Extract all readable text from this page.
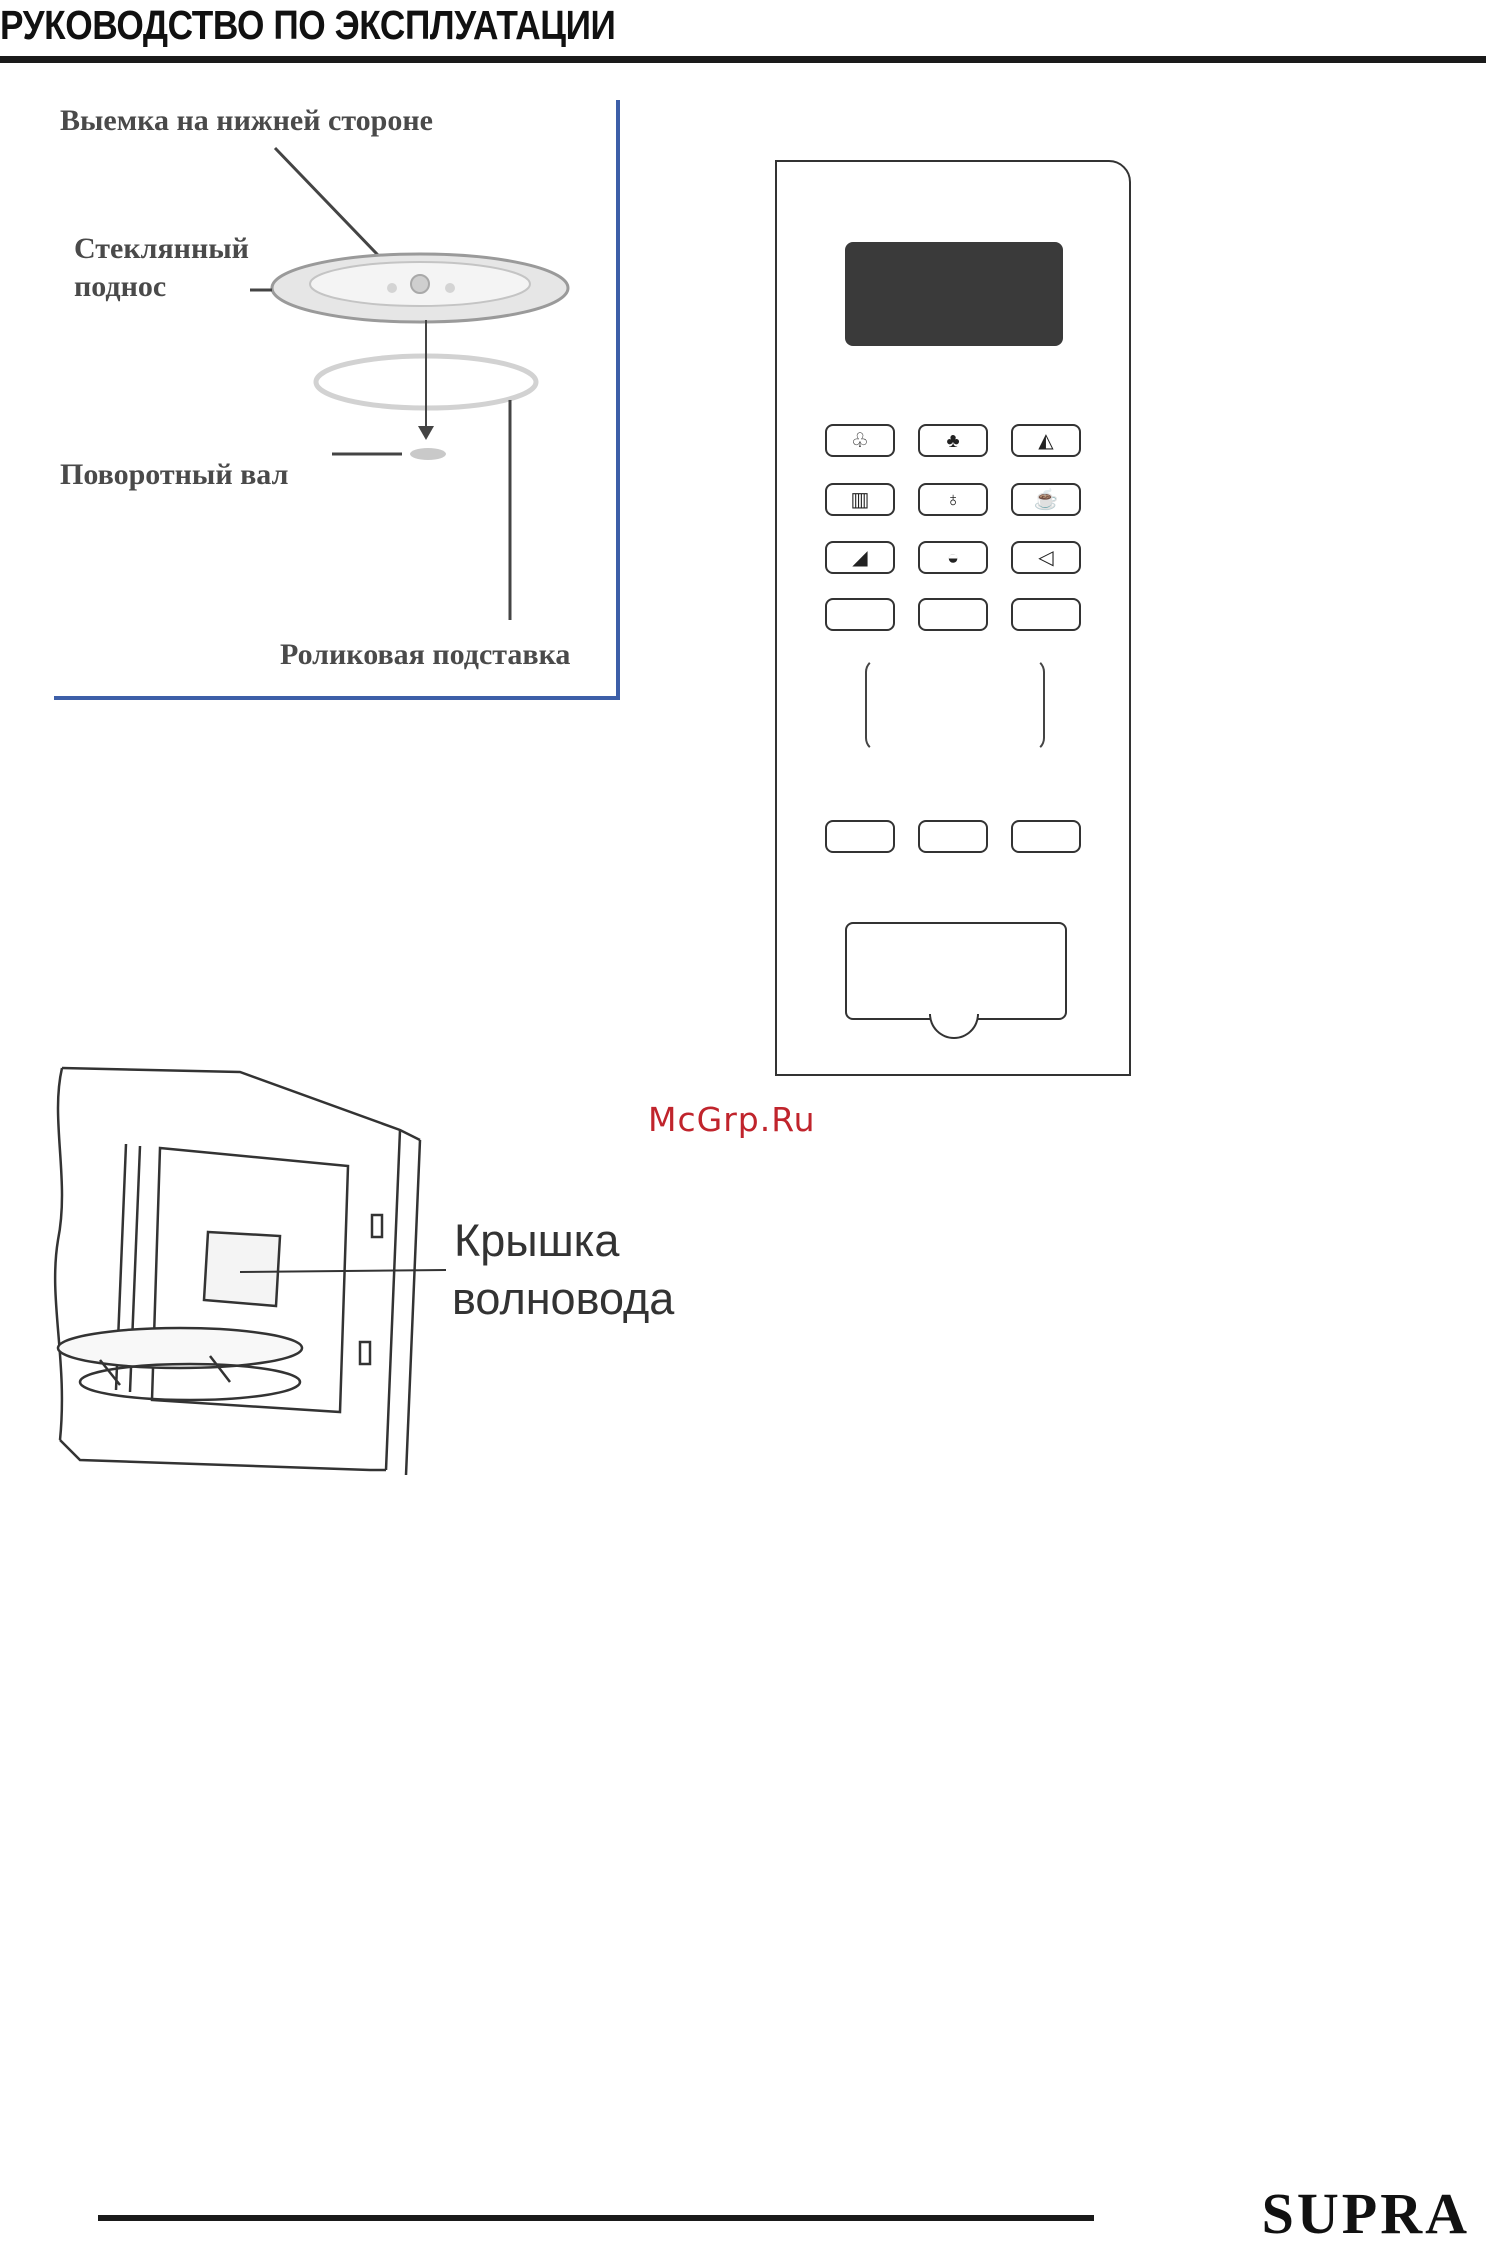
РУКОВОДСТВО ПО ЭКСПЛУАТАЦИИ
Выемка на нижней стороне
Стеклянный
поднос
Поворотный вал
Роликовая подставка
♧	♣	◭
▥	♁	☕
◢	◒	◁
McGrp.Ru
Крышка
волновода
SUPRA
